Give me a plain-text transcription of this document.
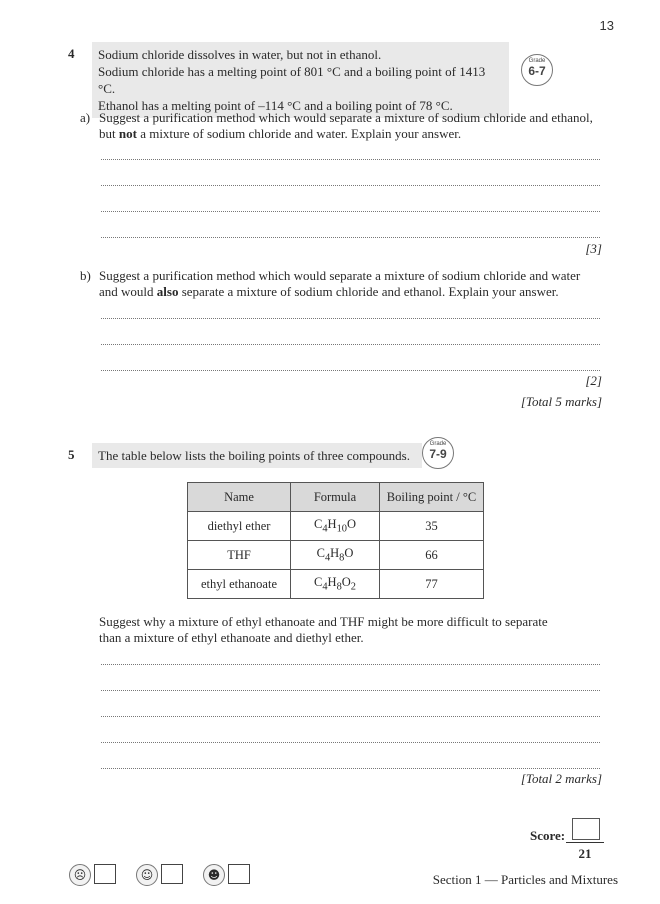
13
4 Sodium chloride dissolves in water, but not in ethanol.
Sodium chloride has a melting point of 801 °C and a boiling point of 1413 °C.
Ethanol has a melting point of –114 °C and a boiling point of 78 °C.
Grade
6-7
a) Suggest a purification method which would separate a mixture of sodium chloride and ethanol,
but not a mixture of sodium chloride and water. Explain your answer.
[3]
b) Suggest a purification method which would separate a mixture of sodium chloride and water
and would also separate a mixture of sodium chloride and ethanol. Explain your answer.
[2]
[Total 5 marks]
5	The table below lists the boiling points of three compounds.
Grade
7-9
Name	Formula	Boiling point / °C
diethyl ether	$C_4H_{10}O$	35
THF	$C_4H_8O$	66
ethyl ethanoate	$C_4H_8O_2$	77
Suggest why a mixture of ethyl ethanoate and THF might be more difficult to separate
than a mixture of ethyl ethanoate and diethyl ether.
[Total 2 marks]
Score:
21
☹	☺	☻	Section 1 — Particles and Mixtures
